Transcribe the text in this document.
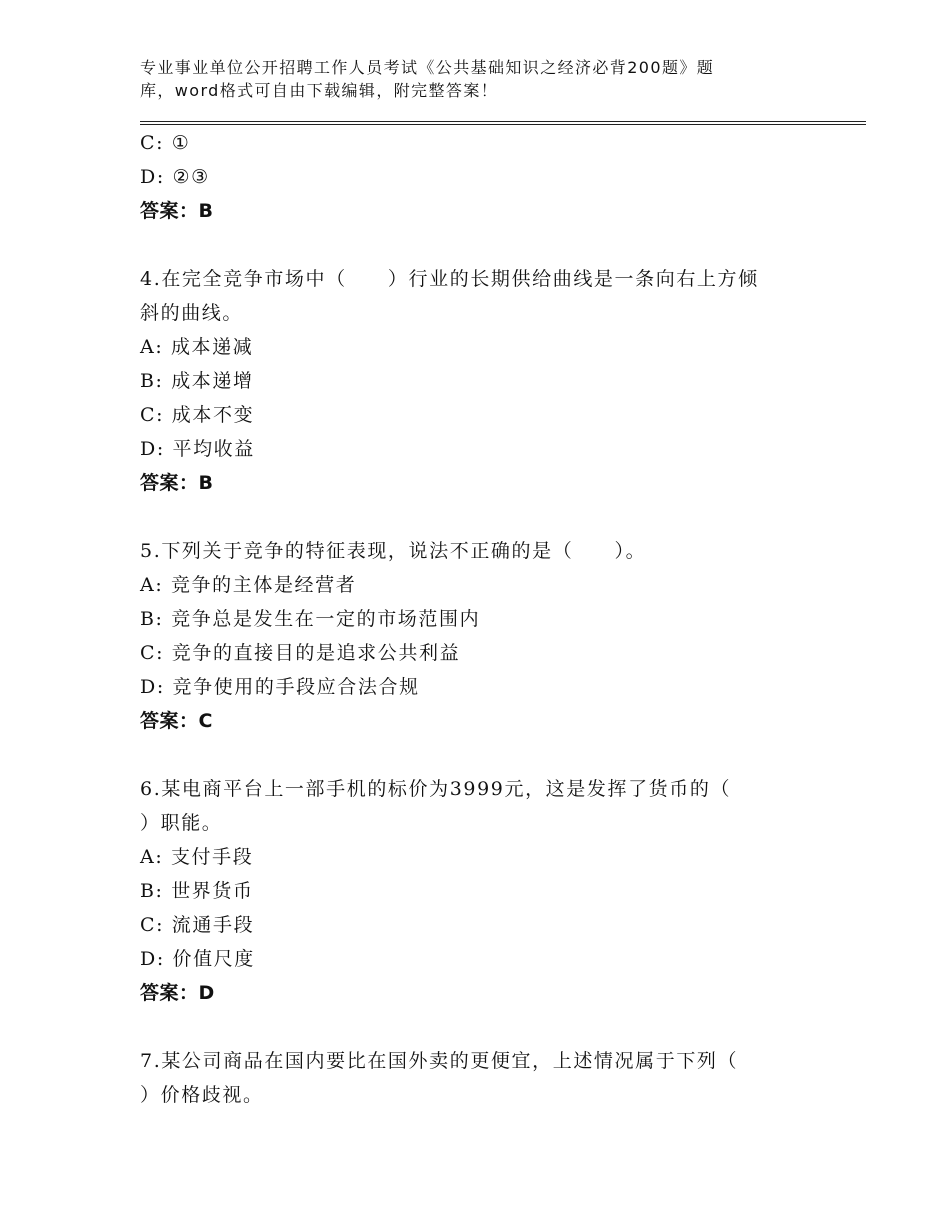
专业事业单位公开招聘工作人员考试《公共基础知识之经济必背200题》题
库，word格式可自由下载编辑，附完整答案！
C: ①
D: ②③
答案：B
4.在完全竞争市场中（　　）行业的长期供给曲线是一条向右上方倾
斜的曲线。
A: 成本递减
B: 成本递增
C: 成本不变
D: 平均收益
答案：B
5.下列关于竞争的特征表现，说法不正确的是（　　）。
A: 竞争的主体是经营者
B: 竞争总是发生在一定的市场范围内
C: 竞争的直接目的是追求公共利益
D: 竞争使用的手段应合法合规
答案：C
6.某电商平台上一部手机的标价为3999元，这是发挥了货币的（
）职能。
A: 支付手段
B: 世界货币
C: 流通手段
D: 价值尺度
答案：D
7.某公司商品在国内要比在国外卖的更便宜，上述情况属于下列（
）价格歧视。
